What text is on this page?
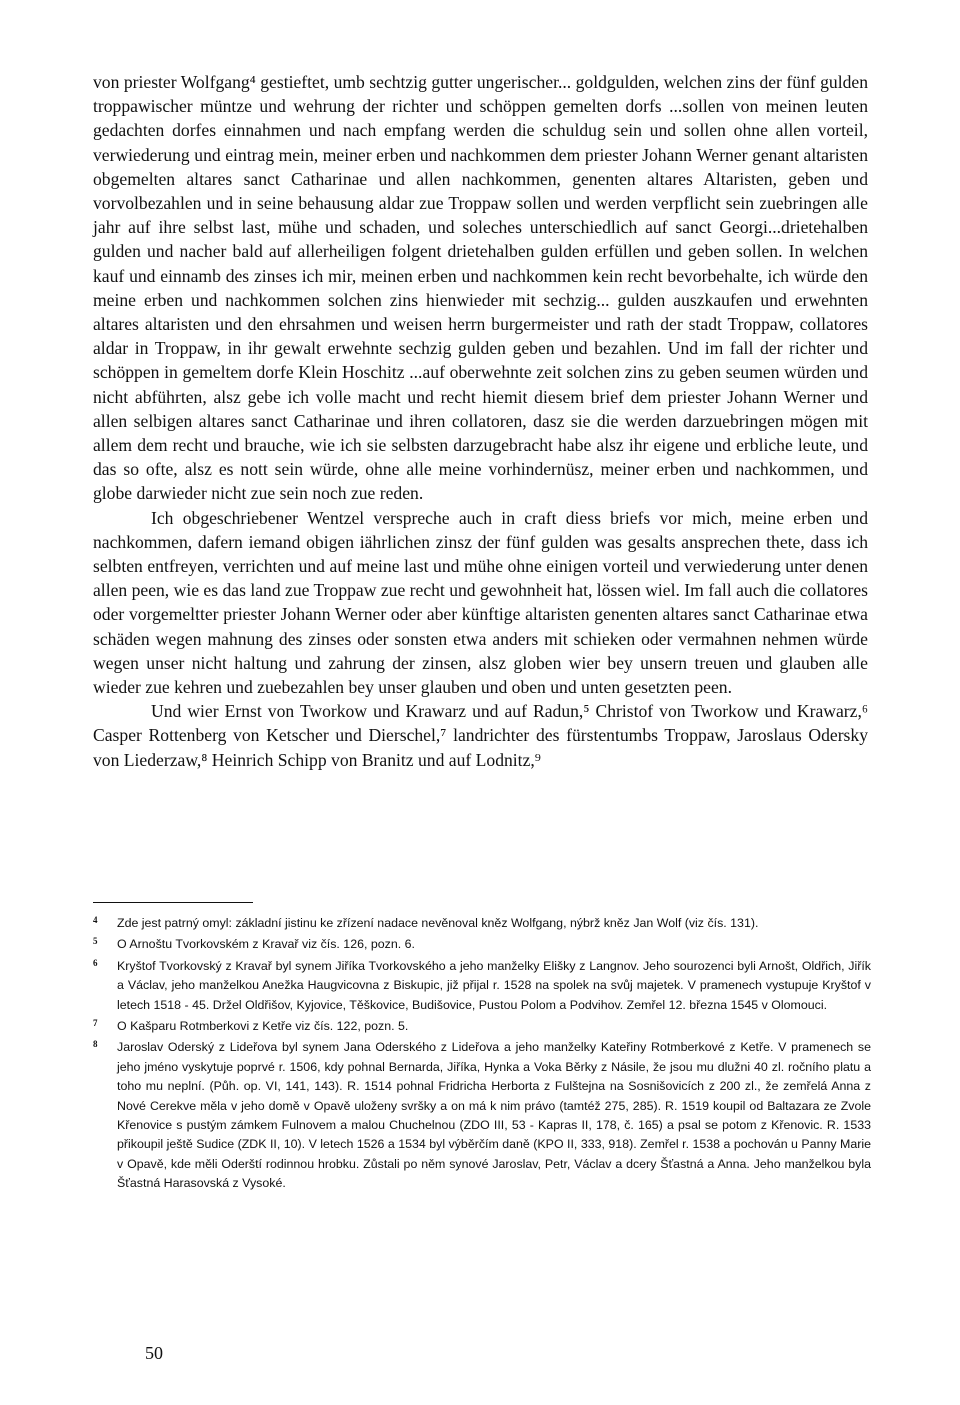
von priester Wolfgang⁴ gestieftet, umb sechtzig gutter ungerischer... goldgulden, welchen zins der fünf gulden troppawischer müntze und wehrung der richter und schöppen gemelten dorfs ...sollen von meinen leuten gedachten dorfes einnahmen und nach empfang werden die schuldug sein und sollen ohne allen vorteil, verwiederung und eintrag mein, meiner erben und nachkommen dem priester Johann Werner genant altaristen obgemelten altares sanct Catharinae und allen nachkommen, genenten altares Altaristen, geben und vorvolbezahlen und in seine behausung aldar zue Troppaw sollen und werden verpflicht sein zuebringen alle jahr auf ihre selbst last, mühe und schaden, und soleches unterschiedlich auf sanct Georgi...drietehalben gulden und nacher bald auf allerheiligen folgent drietehalben gulden erfüllen und geben sollen. In welchen kauf und einnamb des zinses ich mir, meinen erben und nachkommen kein recht bevorbehalte, ich würde den meine erben und nachkommen solchen zins hienwieder mit sechzig... gulden auszkaufen und erwehnten altares altaristen und den ehrsahmen und weisen herrn burgermeister und rath der stadt Troppaw, collatores aldar in Troppaw, in ihr gewalt erwehnte sechzig gulden geben und bezahlen. Und im fall der richter und schöppen in gemeltem dorfe Klein Hoschitz ...auf oberwehnte zeit solchen zins zu geben seumen würden und nicht abführten, alsz gebe ich volle macht und recht hiemit diesem brief dem priester Johann Werner und allen selbigen altares sanct Catharinae und ihren collatoren, dasz sie die werden darzuebringen mögen mit allem dem recht und brauche, wie ich sie selbsten darzugebracht habe alsz ihr eigene und erbliche leute, und das so ofte, alsz es nott sein würde, ohne alle meine vorhindernüsz, meiner erben und nachkommen, und globe darwieder nicht zue sein noch zue reden.

Ich obgeschriebener Wentzel verspreche auch in craft diess briefs vor mich, meine erben und nachkommen, dafern iemand obigen iährlichen zinsz der fünf gulden was gesalts ansprechen thete, dass ich selbten entfreyen, verrichten und auf meine last und mühe ohne einigen vorteil und verwiederung unter denen allen peen, wie es das land zue Troppaw zue recht und gewohnheit hat, lössen wiel. Im fall auch die collatores oder vorgemeltter priester Johann Werner oder aber künftige altaristen genenten altares sanct Catharinae etwa schäden wegen mahnung des zinses oder sonsten etwa anders mit schieken oder vermahnen nehmen würde wegen unser nicht haltung und zahrung der zinsen, alsz globen wier bey unsern treuen und glauben alle wieder zue kehren und zuebezahlen bey unser glauben und oben und unten gesetzten peen.

Und wier Ernst von Tworkow und Krawarz und auf Radun,⁵ Christof von Tworkow und Krawarz,⁶ Casper Rottenberg von Ketscher und Dierschel,⁷ landrichter des fürstentumbs Troppaw, Jaroslaus Odersky von Liederzaw,⁸ Heinrich Schipp von Branitz und auf Lodnitz,⁹

4 Zde jest patrný omyl: základní jistinu ke zřízení nadace nevěnoval kněz Wolfgang, nýbrž kněz Jan Wolf (viz čís. 131).
5 O Arnoštu Tvorkovském z Kravař viz čís. 126, pozn. 6.
6 Kryštof Tvorkovský z Kravař byl synem Jiříka Tvorkovského a jeho manželky Elišky z Langnov. Jeho sourozenci byli Arnošt, Oldřich, Jiřík a Václav, jeho manželkou Anežka Haugvicovna z Biskupic, již přijal r. 1528 na spolek na svůj majetek. V pramenech vystupuje Kryštof v letech 1518 - 45. Držel Oldřišov, Kyjovice, Těškovice, Budišovice, Pustou Polom a Podvihov. Zemřel 12. března 1545 v Olomouci.
7 O Kašparu Rotmberkovi z Ketře viz čís. 122, pozn. 5.
8 Jaroslav Oderský z Lideřova byl synem Jana Oderského z Lideřova a jeho manželky Kateřiny Rotmberkové z Ketře. V pramenech se jeho jméno vyskytuje poprvé r. 1506, kdy pohnal Bernarda, Jiříka, Hynka a Voka Běrky z Násile, že jsou mu dlužni 40 zl. ročního platu a toho mu neplní. (Půh. op. VI, 141, 143). R. 1514 pohnal Fridricha Herborta z Fulštejna na Sosnišovicích z 200 zl., že zemřelá Anna z Nové Cerekve měla v jeho domě v Opavě uloženy svršky a on má k nim právo (tamtéž 275, 285). R. 1519 koupil od Baltazara ze Zvole Křenovice s pustým zámkem Fulnovem a malou Chuchelnou (ZDO III, 53 - Kapras II, 178, č. 165) a psal se potom z Křenovic. R. 1533 přikoupil ještě Sudice (ZDK II, 10). V letech 1526 a 1534 byl výběrčím daně (KPO II, 333, 918). Zemřel r. 1538 a pochován u Panny Marie v Opavě, kde měli Oderští rodinnou hrobku. Zůstali po něm synové Jaroslav, Petr, Václav a dcery Šťastná a Anna. Jeho manželkou byla Šťastná Harasovská z Vysoké.
50
